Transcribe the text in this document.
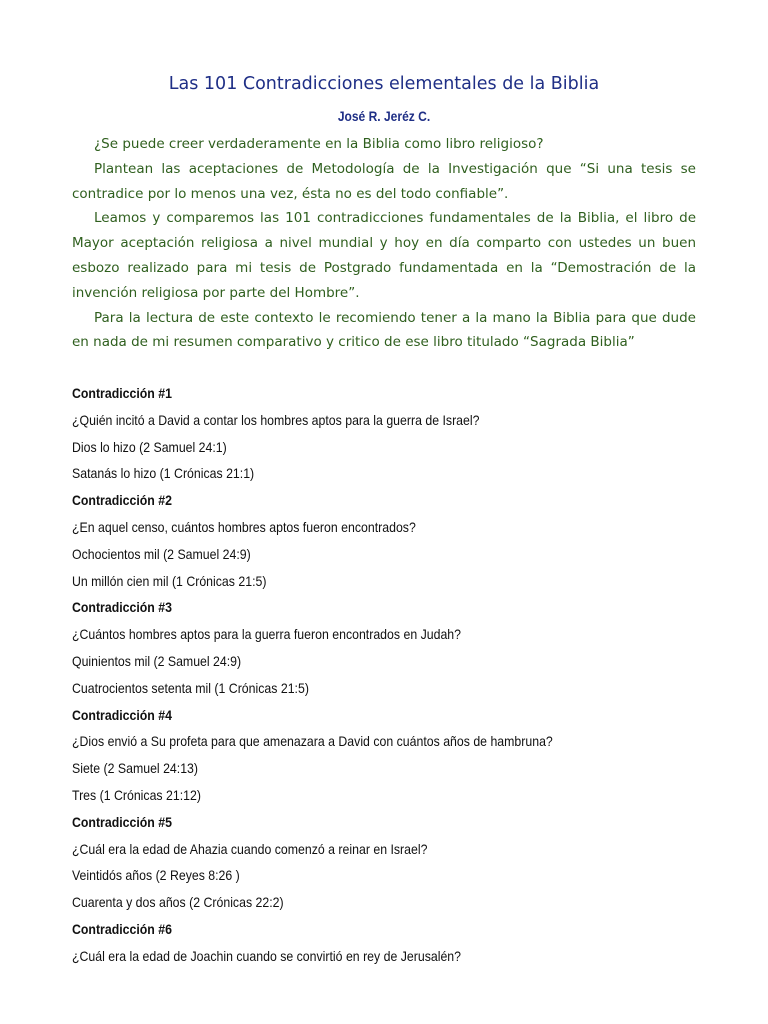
Las 101 Contradicciones elementales de la Biblia
José R. Jeréz C.

¿Se puede creer verdaderamente en la Biblia como libro religioso?

Plantean las aceptaciones de Metodología de la Investigación que “Si una tesis se contradice por lo menos una vez, ésta no es del todo confiable”.

Leamos y comparemos las 101 contradicciones fundamentales de la Biblia, el libro de Mayor aceptación religiosa a nivel mundial y hoy en día comparto con ustedes un buen esbozo realizado para mi tesis de Postgrado fundamentada en la “Demostración de la invención religiosa por parte del Hombre”.

Para la lectura de este contexto le recomiendo tener a la mano la Biblia para que dude en nada de mi resumen comparativo y critico de ese libro titulado “Sagrada Biblia”

Contradicción #1
¿Quién incitó a David a contar los hombres aptos para la guerra de Israel?
Dios lo hizo (2 Samuel 24:1)
Satanás lo hizo (1 Crónicas 21:1)
Contradicción #2
¿En aquel censo, cuántos hombres aptos fueron encontrados?
Ochocientos mil (2 Samuel 24:9)
Un millón cien mil (1 Crónicas 21:5)
Contradicción #3
¿Cuántos hombres aptos para la guerra fueron encontrados en Judah?
Quinientos mil (2 Samuel 24:9)
Cuatrocientos setenta mil (1 Crónicas 21:5)
Contradicción #4
¿Dios envió a Su profeta para que amenazara a David con cuántos años de hambruna?
Siete (2 Samuel 24:13)
Tres (1 Crónicas 21:12)
Contradicción #5
¿Cuál era la edad de Ahazia cuando comenzó a reinar en Israel?
Veintidós años (2 Reyes 8:26 )
Cuarenta y dos años (2 Crónicas 22:2)
Contradicción #6
¿Cuál era la edad de Joachin cuando se convirtió en rey de Jerusalén?
